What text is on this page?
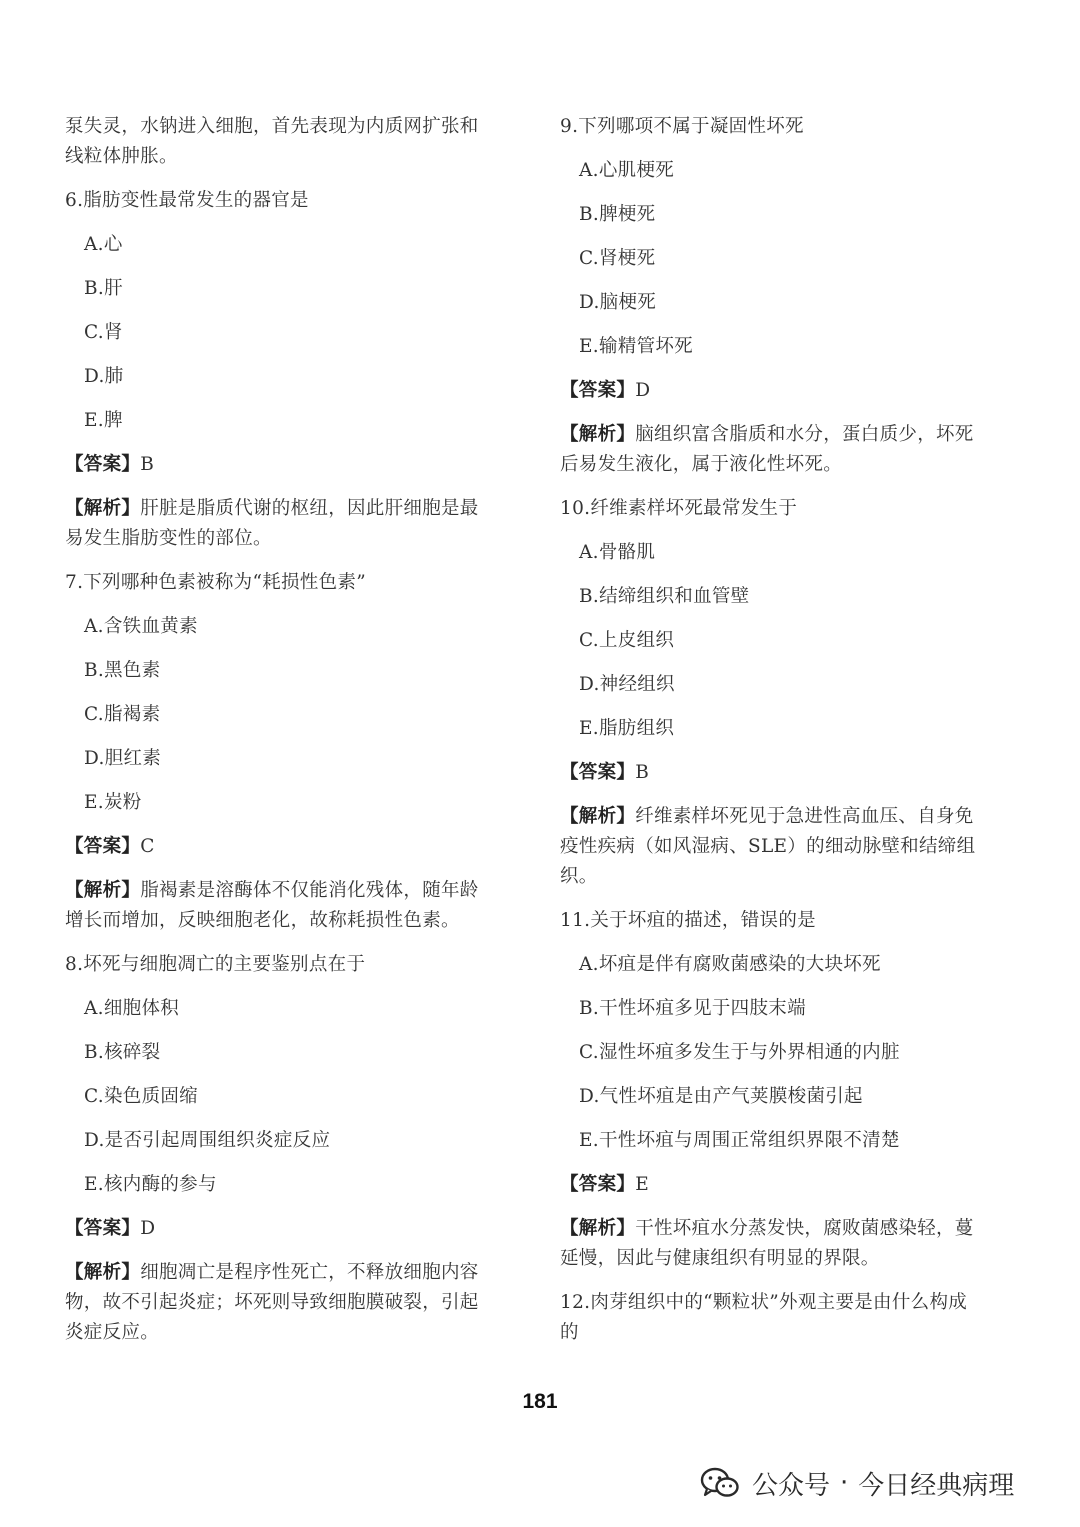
泵失灵，水钠进入细胞，首先表现为内质网扩张和
线粒体肿胀。
6.脂肪变性最常发生的器官是
A.心
B.肝
C.肾
D.肺
E.脾
【答案】B
【解析】肝脏是脂质代谢的枢纽，因此肝细胞是最
易发生脂肪变性的部位。
7.下列哪种色素被称为“耗损性色素”
A.含铁血黄素
B.黑色素
C.脂褐素
D.胆红素
E.炭粉
【答案】C
【解析】脂褐素是溶酶体不仅能消化残体，随年龄
增长而增加，反映细胞老化，故称耗损性色素。
8.坏死与细胞凋亡的主要鉴别点在于
A.细胞体积
B.核碎裂
C.染色质固缩
D.是否引起周围组织炎症反应
E.核内酶的参与
【答案】D
【解析】细胞凋亡是程序性死亡，不释放细胞内容
物，故不引起炎症；坏死则导致细胞膜破裂，引起
炎症反应。
9.下列哪项不属于凝固性坏死
A.心肌梗死
B.脾梗死
C.肾梗死
D.脑梗死
E.输精管坏死
【答案】D
【解析】脑组织富含脂质和水分，蛋白质少，坏死
后易发生液化，属于液化性坏死。
10.纤维素样坏死最常发生于
A.骨骼肌
B.结缔组织和血管壁
C.上皮组织
D.神经组织
E.脂肪组织
【答案】B
【解析】纤维素样坏死见于急进性高血压、自身免
疫性疾病（如风湿病、SLE）的细动脉壁和结缔组
织。
11.关于坏疽的描述，错误的是
A.坏疽是伴有腐败菌感染的大块坏死
B.干性坏疽多见于四肢末端
C.湿性坏疽多发生于与外界相通的内脏
D.气性坏疽是由产气荚膜梭菌引起
E.干性坏疽与周围正常组织界限不清楚
【答案】E
【解析】干性坏疽水分蒸发快，腐败菌感染轻，蔓
延慢，因此与健康组织有明显的界限。
12.肉芽组织中的“颗粒状”外观主要是由什么构成
的
181
公众号 · 今日经典病理
